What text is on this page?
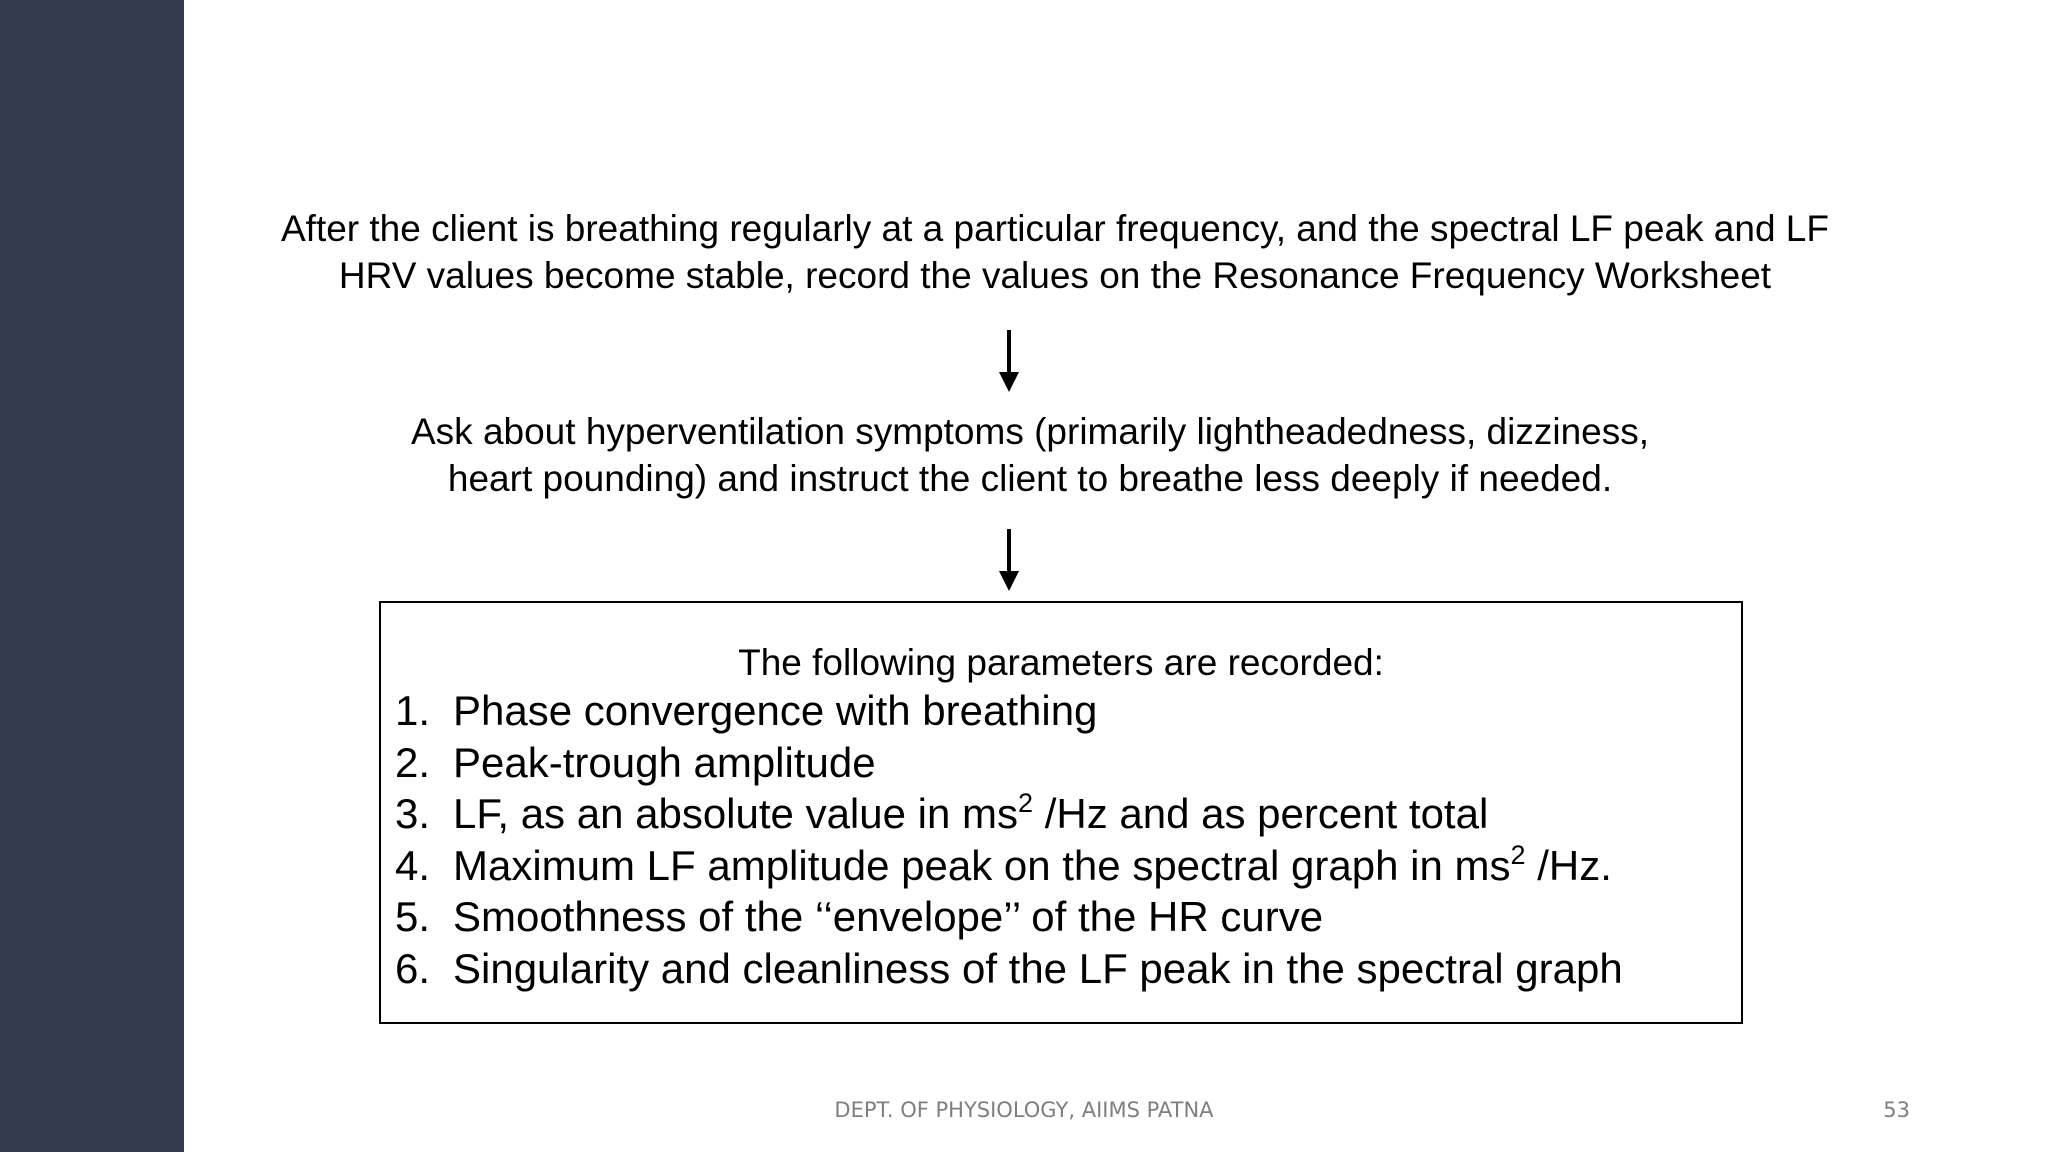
After the client is breathing regularly at a particular frequency, and the spectral LF peak and LF
HRV values become stable, record the values on the Resonance Frequency Worksheet
Ask about hyperventilation symptoms (primarily lightheadedness, dizziness,
heart pounding) and instruct the client to breathe less deeply if needed.

The following parameters are recorded:

1. Phase convergence with breathing
2. Peak-trough amplitude
3. LF, as an absolute value in $ms^2$ /Hz and as percent total
4. Maximum LF amplitude peak on the spectral graph in $ms^2$ /Hz.
5. Smoothness of the ‘‘envelope’’ of the HR curve
6. Singularity and cleanliness of the LF peak in the spectral graph
DEPT. OF PHYSIOLOGY, AIIMS PATNA	53
